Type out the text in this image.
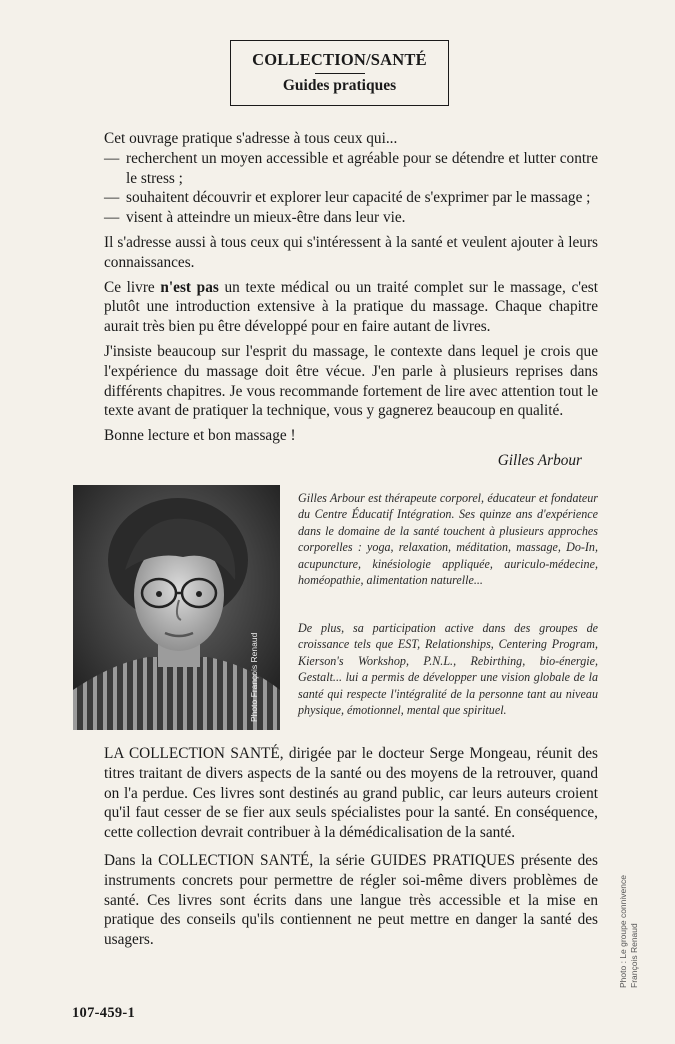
COLLECTION/SANTÉ
Guides pratiques

Cet ouvrage pratique s'adresse à tous ceux qui...

— recherchent un moyen accessible et agréable pour se détendre et lutter contre le stress ;
— souhaitent découvrir et explorer leur capacité de s'exprimer par le massage ;
— visent à atteindre un mieux-être dans leur vie.

Il s'adresse aussi à tous ceux qui s'intéressent à la santé et veulent ajouter à leurs connaissances.

Ce livre n'est pas un texte médical ou un traité complet sur le massage, c'est plutôt une introduction extensive à la pratique du massage. Chaque chapitre aurait très bien pu être développé pour en faire autant de livres.

J'insiste beaucoup sur l'esprit du massage, le contexte dans lequel je crois que l'expérience du massage doit être vécue. J'en parle à plusieurs reprises dans différents chapitres. Je vous recommande fortement de lire avec attention tout le texte avant de pratiquer la technique, vous y gagnerez beaucoup en qualité.

Bonne lecture et bon massage !

Gilles Arbour
Photo François Renaud
Gilles Arbour est thérapeute corporel, éducateur et fondateur du Centre Éducatif Intégration. Ses quinze ans d'expérience dans le domaine de la santé touchent à plusieurs approches corporelles : yoga, relaxation, méditation, massage, Do-In, acupuncture, kinésiologie appliquée, auriculo-médecine, homéopathie, alimentation naturelle...
De plus, sa participation active dans des groupes de croissance tels que EST, Relationships, Centering Program, Kierson's Workshop, P.N.L., Rebirthing, bio-énergie, Gestalt... lui a permis de développer une vision globale de la santé qui respecte l'intégralité de la personne tant au niveau physique, émotionnel, mental que spirituel.

LA COLLECTION SANTÉ, dirigée par le docteur Serge Mongeau, réunit des titres traitant de divers aspects de la santé ou des moyens de la retrouver, quand on l'a perdue. Ces livres sont destinés au grand public, car leurs auteurs croient qu'il faut cesser de se fier aux seuls spécialistes pour la santé. En conséquence, cette collection devrait contribuer à la démédicalisation de la santé.

Dans la COLLECTION SANTÉ, la série GUIDES PRATIQUES présente des instruments concrets pour permettre de régler soi-même divers problèmes de santé. Ces livres sont écrits dans une langue très accessible et la mise en pratique des conseils qu'ils contiennent ne peut mettre en danger la santé des usagers.	Photo : Le groupe connivence François Renaud
107-459-1
